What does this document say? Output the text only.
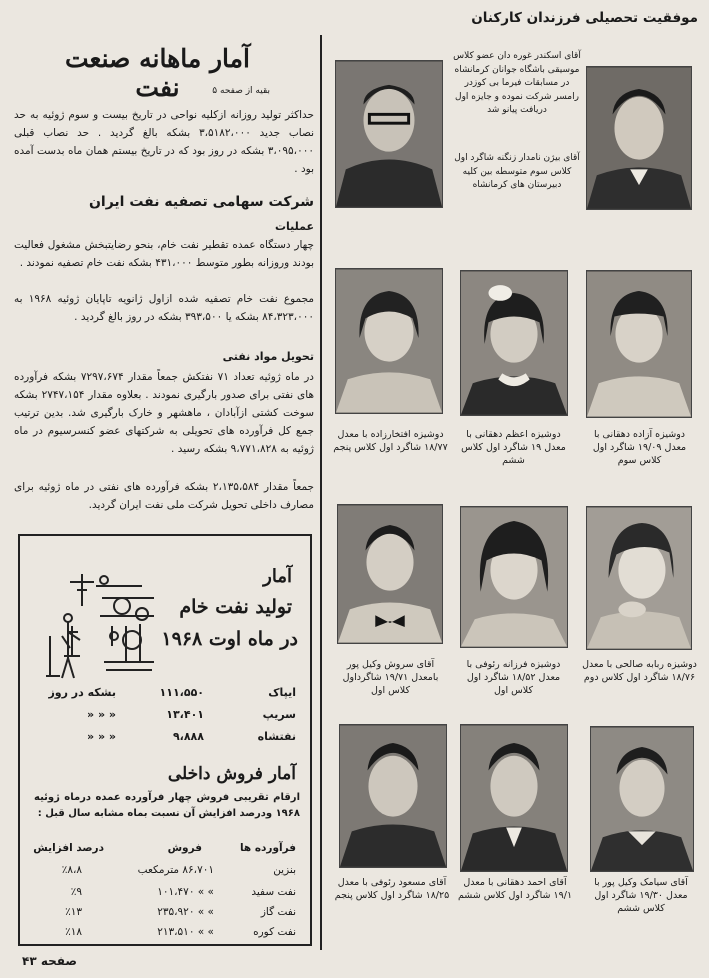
آمار ماهانه صنعت نفت	بقیه از صفحه ۵
حداکثر تولید روزانه ازکلیه نواحی در تاریخ بیست و سوم ژوئیه به حد نصاب جدید ۳،۵۱۸۲،۰۰۰ بشکه بالغ گردید . حد نصاب قبلی ۳،۰۹۵،۰۰۰ بشکه در روز بود که در تاریخ بیستم همان ماه بدست آمده بود .
شرکت سهامی تصفیه نفت ایران
عملیات
چهار دستگاه عمده تقطیر نفت خام، بنحو رضایتبخش مشغول فعالیت بودند وروزانه بطور متوسط ۴۳۱،۰۰۰ بشکه نفت خام تصفیه نمودند .
مجموع نفت خام تصفیه شده ازاول ژانویه تاپایان ژوئیه ۱۹۶۸ به ۸۴،۳۲۳،۰۰۰ بشکه یا ۳۹۳،۵۰۰ بشکه در روز بالغ گردید .
تحویل مواد نفتی
در ماه ژوئیه تعداد ۷۱ نفتکش جمعاً مقدار ۷۲۹۷،۶۷۴ بشکه فرآورده های نفتی برای صدور بارگیری نمودند . بعلاوه مقدار ۲۷۴۷،۱۵۴ بشکه سوخت کشتی ازآبادان ، ماهشهر و خارک بارگیری شد. بدین ترتیب جمع کل فرآورده های تحویلی به شرکتهای عضو کنسرسیوم در ماه ژوئیه به ۹،۷۷۱،۸۲۸ بشکه رسید .
جمعاً مقدار ۲،۱۳۵،۵۸۴ بشکه فرآورده های نفتی در ماه ژوئیه برای مصارف داخلی تحویل شرکت ملی نفت ایران گردید.
آمار
تولید نفت خام
در ماه اوت ۱۹۶۸
ایپاک
۱۱۱،۵۵۰
بشکه در روز
سریپ
۱۳،۴۰۱
« « «
نفتشاه
۹،۸۸۸
« « «
آمار فروش داخلی
ارقام تقریبی فروش چهار فرآورده عمده درماه ژوئیه ۱۹۶۸ ودرصد افزایش آن نسبت بماه مشابه سال قبل :
فرآورده ها
فروش
درصد افزایش
بنزین
۸۶،۷۰۱ مترمکعب
٪۸،۸
نفت سفید
۱۰۱،۴۷۰ « «
٪۹
نفت گاز
۲۳۵،۹۲۰ « «
٪۱۳
نفت کوره
۲۱۳،۵۱۰ « «
٪۱۸
صفحه ۴۳
موفقیت تحصیلی فرزندان کارکنان
آقای اسکندر غوره دان عضو کلاس موسیقی باشگاه جوانان کرمانشاه در مسابقات فیرما بی کوزدر رامسر شرکت نموده و جایزه اول دریافت پیانو شد
آقای بیژن نامدار زنگنه شاگرد اول کلاس سوم متوسطه بین کلیه دبیرستان های کرمانشاه
دوشیزه افتخارزاده با معدل ۱۸/۷۷ شاگرد اول کلاس پنجم
دوشیزه اعظم دهقانی با معدل ۱۹ شاگرد اول کلاس ششم
دوشیزه آزاده دهقانی با معدل ۱۹/۰۹ شاگرد اول کلاس سوم
آقای سروش وکیل پور بامعدل ۱۹/۷۱ شاگرداول کلاس اول
دوشیزه فرزانه رئوفی با معدل ۱۸/۵۲ شاگرد اول کلاس اول
دوشیزه ربابه صالحی با معدل ۱۸/۷۶ شاگرد اول کلاس دوم
آقای مسعود رئوفی با معدل ۱۸/۲۵ شاگرد اول کلاس پنجم
آقای احمد دهقانی با معدل ۱۹/۱ شاگرد اول کلاس ششم
آقای سیامک وکیل پور با معدل ۱۹/۳۰ شاگرد اول کلاس ششم
